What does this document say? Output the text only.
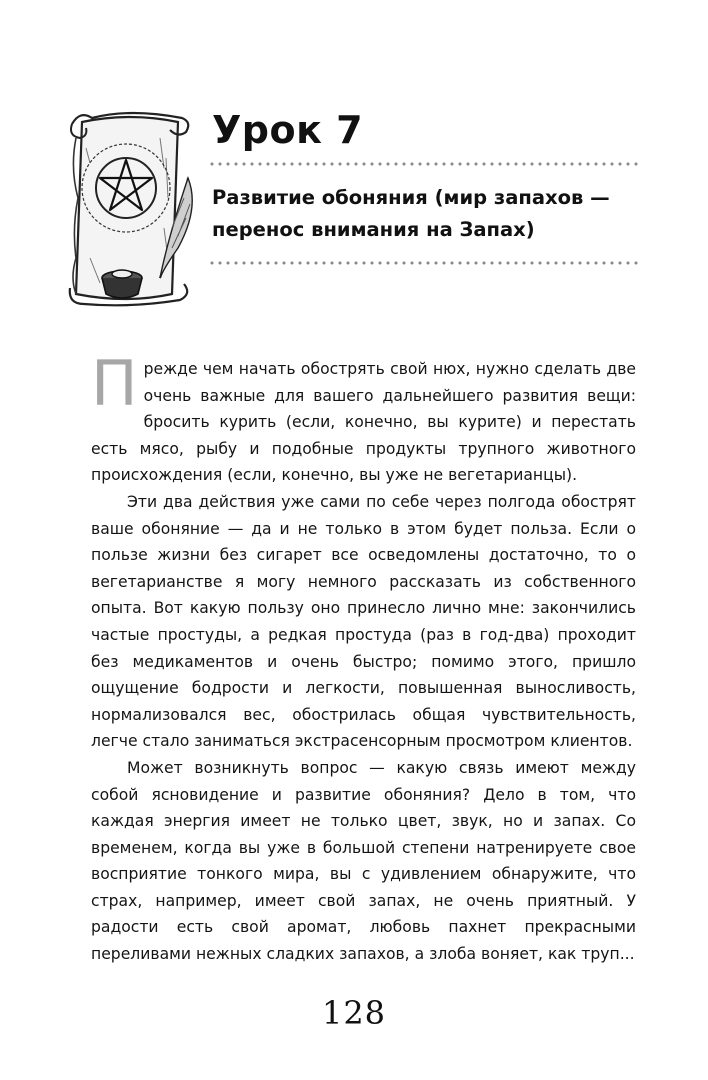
Урок 7
Развитие обоняния (мир запахов — перенос внимания на Запах)

Прежде чем начать обострять свой нюх, нужно сделать две очень важные для вашего дальнейшего развития вещи: бросить курить (если, конечно, вы курите) и перестать есть мясо, рыбу и подобные продукты трупного животного происхождения (если, конечно, вы уже не вегетарианцы).

Эти два действия уже сами по себе через полгода обострят ваше обоняние — да и не только в этом будет польза. Если о пользе жизни без сигарет все осведомлены достаточно, то о вегетарианстве я могу немного рассказать из собственного опыта. Вот какую пользу оно принесло лично мне: закончились частые простуды, а редкая простуда (раз в год-два) проходит без медикаментов и очень быстро; помимо этого, пришло ощущение бодрости и легкости, повышенная выносливость, нормализовался вес, обострилась общая чувствительность, легче стало заниматься экстрасенсорным просмотром клиентов.

Может возникнуть вопрос — какую связь имеют между собой ясновидение и развитие обоняния? Дело в том, что каждая энергия имеет не только цвет, звук, но и запах. Со временем, когда вы уже в большой степени натренируете свое восприятие тонкого мира, вы с удивлением обнаружите, что страх, например, имеет свой запах, не очень приятный. У радости есть свой аромат, любовь пахнет прекрасными переливами нежных сладких запахов, а злоба воняет, как труп...

128
